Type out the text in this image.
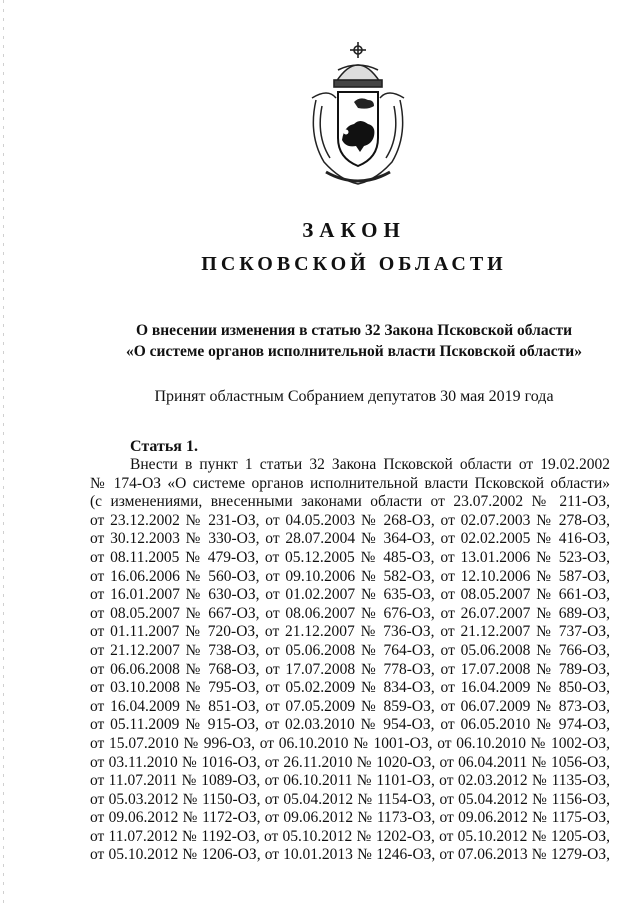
ЗАКОН
ПСКОВСКОЙ ОБЛАСТИ
О внесении изменения в статью 32 Закона Псковской области
«О системе органов исполнительной власти Псковской области»
Принят областным Собранием депутатов 30 мая 2019 года
Статья 1.
Внести в пункт 1 статьи 32 Закона Псковской области от 19.02.2002
№ 174-ОЗ «О системе органов исполнительной власти Псковской области»
(с изменениями, внесенными законами области от 23.07.2002 № 211-ОЗ,
от 23.12.2002 № 231-ОЗ, от 04.05.2003 № 268-ОЗ, от 02.07.2003 № 278-ОЗ,
от 30.12.2003 № 330-ОЗ, от 28.07.2004 № 364-ОЗ, от 02.02.2005 № 416-ОЗ,
от 08.11.2005 № 479-ОЗ, от 05.12.2005 № 485-ОЗ, от 13.01.2006 № 523-ОЗ,
от 16.06.2006 № 560-ОЗ, от 09.10.2006 № 582-ОЗ, от 12.10.2006 № 587-ОЗ,
от 16.01.2007 № 630-ОЗ, от 01.02.2007 № 635-ОЗ, от 08.05.2007 № 661-ОЗ,
от 08.05.2007 № 667-ОЗ, от 08.06.2007 № 676-ОЗ, от 26.07.2007 № 689-ОЗ,
от 01.11.2007 № 720-ОЗ, от 21.12.2007 № 736-ОЗ, от 21.12.2007 № 737-ОЗ,
от 21.12.2007 № 738-ОЗ, от 05.06.2008 № 764-ОЗ, от 05.06.2008 № 766-ОЗ,
от 06.06.2008 № 768-ОЗ, от 17.07.2008 № 778-ОЗ, от 17.07.2008 № 789-ОЗ,
от 03.10.2008 № 795-ОЗ, от 05.02.2009 № 834-ОЗ, от 16.04.2009 № 850-ОЗ,
от 16.04.2009 № 851-ОЗ, от 07.05.2009 № 859-ОЗ, от 06.07.2009 № 873-ОЗ,
от 05.11.2009 № 915-ОЗ, от 02.03.2010 № 954-ОЗ, от 06.05.2010 № 974-ОЗ,
от 15.07.2010 № 996-ОЗ, от 06.10.2010 № 1001-ОЗ, от 06.10.2010 № 1002-ОЗ,
от 03.11.2010 № 1016-ОЗ, от 26.11.2010 № 1020-ОЗ, от 06.04.2011 № 1056-ОЗ,
от 11.07.2011 № 1089-ОЗ, от 06.10.2011 № 1101-ОЗ, от 02.03.2012 № 1135-ОЗ,
от 05.03.2012 № 1150-ОЗ, от 05.04.2012 № 1154-ОЗ, от 05.04.2012 № 1156-ОЗ,
от 09.06.2012 № 1172-ОЗ, от 09.06.2012 № 1173-ОЗ, от 09.06.2012 № 1175-ОЗ,
от 11.07.2012 № 1192-ОЗ, от 05.10.2012 № 1202-ОЗ, от 05.10.2012 № 1205-ОЗ,
от 05.10.2012 № 1206-ОЗ, от 10.01.2013 № 1246-ОЗ, от 07.06.2013 № 1279-ОЗ,
